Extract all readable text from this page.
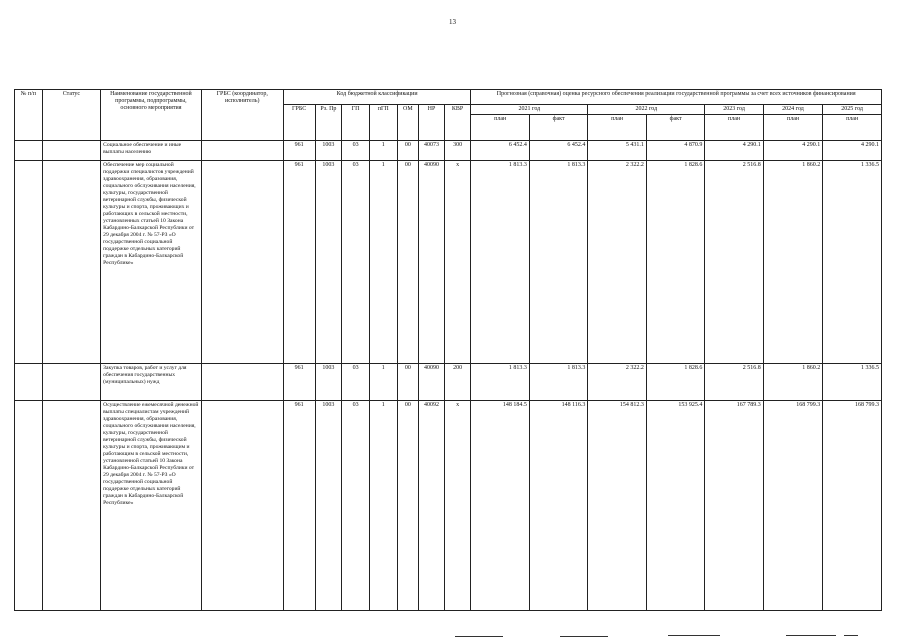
13
№ п/п	Статус	Наименование государственной программы, подпрограммы, основного мероприятия	ГРБС (координатор, исполнитель)	Код бюджетной классификации							Прогнозная (справочная) оценка ресурсного обеспечения реализации государственной программы за счет всех источников финансирования						
				ГРБС	Рз. Пр	ГП	пГП	ОМ	НР	КВР	2021 год		2022 год		2023 год	2024 год	2025 год
											план	факт	план	факт	план	план	план
		Социальное обеспечение и иные выплаты населению		961	1003	03	1	00	40073	300	6 452.4	6 452.4	5 431.1	4 870.9	4 290.1	4 290.1	4 290.1
		Обеспечение мер социальной поддержки специалистов учреждений здравоохранения, образования, социального обслуживания населения, культуры, государственной ветеринарной службы, физической культуры и спорта, проживающих и работающих в сельской местности, установленных статьей 10 Закона Кабардино-Балкарской Республики от 29 декабря 2004 г. № 57-РЗ «О государственной социальной поддержке отдельных категорий граждан в Кабардино-Балкарской Республике»		961	1003	03	1	00	40090	х	1 813.3	1 813.3	2 322.2	1 828.6	2 516.8	1 860.2	1 336.5
		Закупка товаров, работ и услуг для обеспечения государственных (муниципальных) нужд		961	1003	03	1	00	40090	200	1 813.3	1 813.3	2 322.2	1 828.6	2 516.8	1 860.2	1 336.5
		Осуществление ежемесячной денежной выплаты специалистам учреждений здравоохранения, образования, социального обслуживания населения, культуры, государственной ветеринарной службы, физической культуры и спорта, проживающим и работающим в сельской местности, установленной статьей 10 Закона Кабардино-Балкарской Республики от 29 декабря 2004 г. № 57-РЗ «О государственной социальной поддержке отдельных категорий граждан в Кабардино-Балкарской Республике»		961	1003	03	1	00	40092	х	148 184.5	148 116.3	154 812.3	153 925.4	167 789.3	168 799.3	168 799.3
